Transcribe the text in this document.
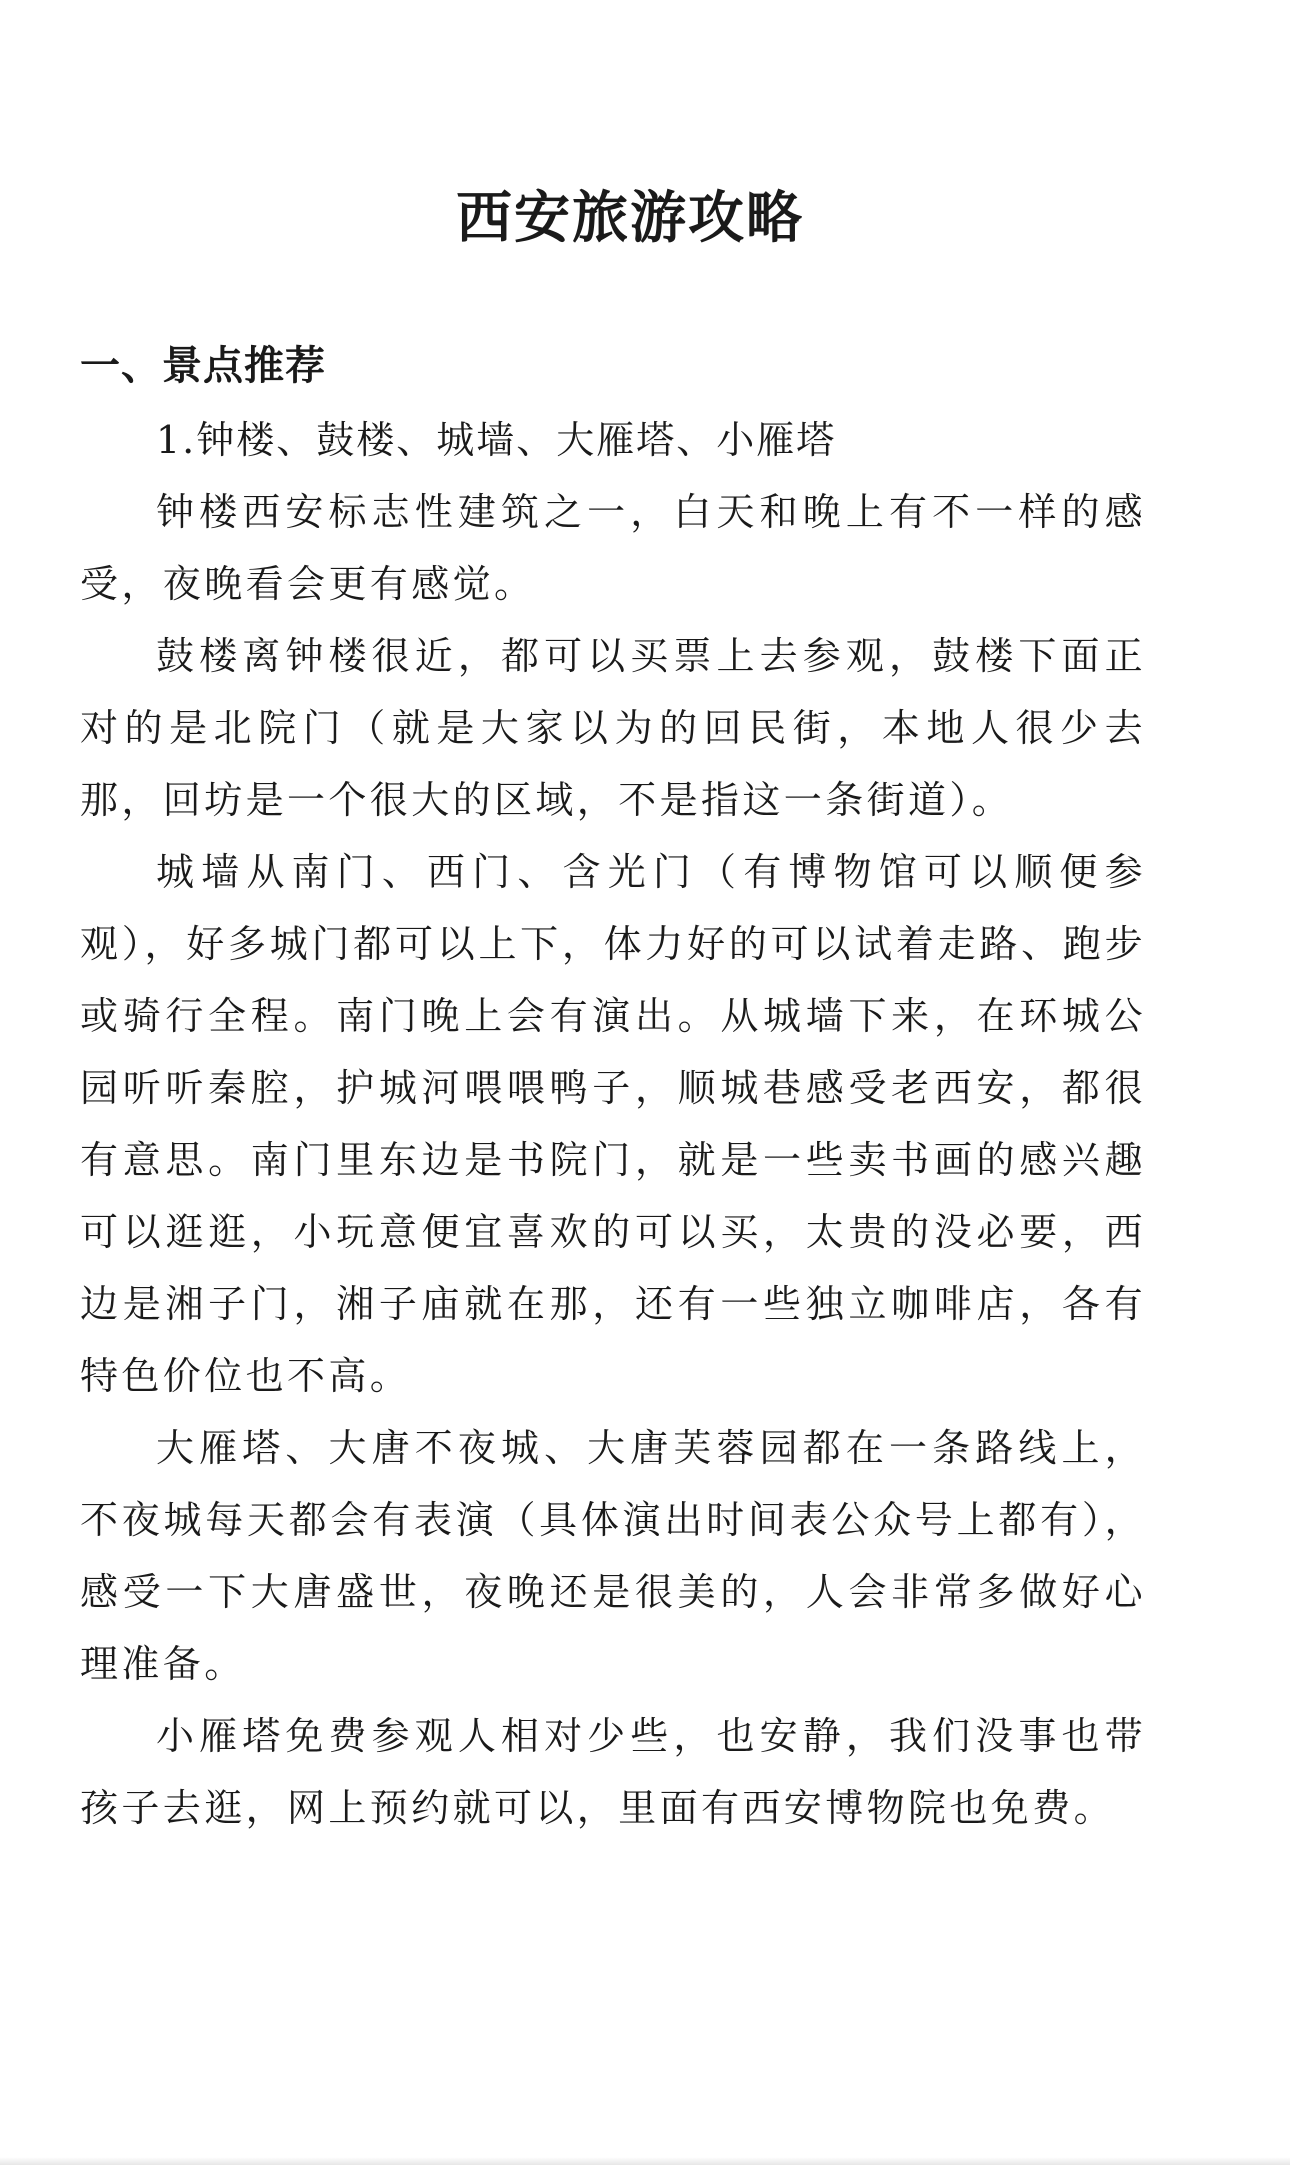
西安旅游攻略
一、景点推荐

1.钟楼、鼓楼、城墙、大雁塔、小雁塔

钟楼西安标志性建筑之一，白天和晚上有不一样的感受，夜晚看会更有感觉。

鼓楼离钟楼很近，都可以买票上去参观，鼓楼下面正对的是北院门（就是大家以为的回民街，本地人很少去那，回坊是一个很大的区域，不是指这一条街道）。

城墙从南门、西门、含光门（有博物馆可以顺便参观），好多城门都可以上下，体力好的可以试着走路、跑步或骑行全程。南门晚上会有演出。从城墙下来，在环城公园听听秦腔，护城河喂喂鸭子，顺城巷感受老西安，都很有意思。南门里东边是书院门，就是一些卖书画的感兴趣可以逛逛，小玩意便宜喜欢的可以买，太贵的没必要，西边是湘子门，湘子庙就在那，还有一些独立咖啡店，各有特色价位也不高。

大雁塔、大唐不夜城、大唐芙蓉园都在一条路线上，不夜城每天都会有表演（具体演出时间表公众号上都有），感受一下大唐盛世，夜晚还是很美的，人会非常多做好心理准备。

小雁塔免费参观人相对少些，也安静，我们没事也带孩子去逛，网上预约就可以，里面有西安博物院也免费。
